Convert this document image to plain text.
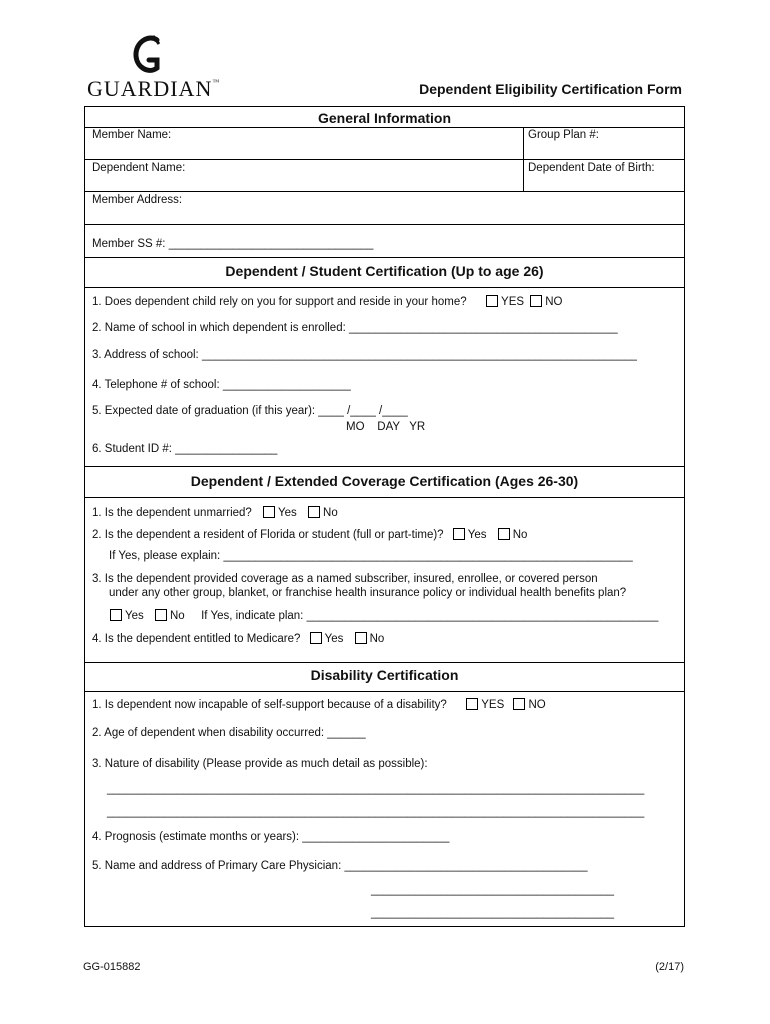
GUARDIAN™	Dependent Eligibility Certification Form
General Information
Member Name:	Group Plan #:
Dependent Name:	Dependent Date of Birth:
Member Address:
Member SS #: ________________________________
Dependent / Student Certification (Up to age 26)
1. Does dependent child rely on you for support and reside in your home?	YES NO
2. Name of school in which dependent is enrolled: __________________________________________
3. Address of school: ____________________________________________________________________
4. Telephone # of school: ____________________
5. Expected date of graduation (if this year): ____ /____ /____
MO    DAY   YR
6. Student ID #: ________________
Dependent / Extended Coverage Certification (Ages 26-30)
1. Is the dependent unmarried? Yes No
2. Is the dependent a resident of Florida or student (full or part-time)? Yes No
If Yes, please explain: ________________________________________________________________
3. Is the dependent provided coverage as a named subscriber, insured, enrollee, or covered person
under any other group, blanket, or franchise health insurance policy or individual health benefits plan?
Yes No If Yes, indicate plan: _______________________________________________________
4. Is the dependent entitled to Medicare? Yes No
Disability Certification
1. Is dependent now incapable of self-support because of a disability?	YES NO
2. Age of dependent when disability occurred: ______
3. Nature of disability (Please provide as much detail as possible):
____________________________________________________________________________________
____________________________________________________________________________________
4. Prognosis (estimate months or years): _______________________
5. Name and address of Primary Care Physician: ______________________________________
______________________________________
______________________________________
GG-015882	(2/17)
